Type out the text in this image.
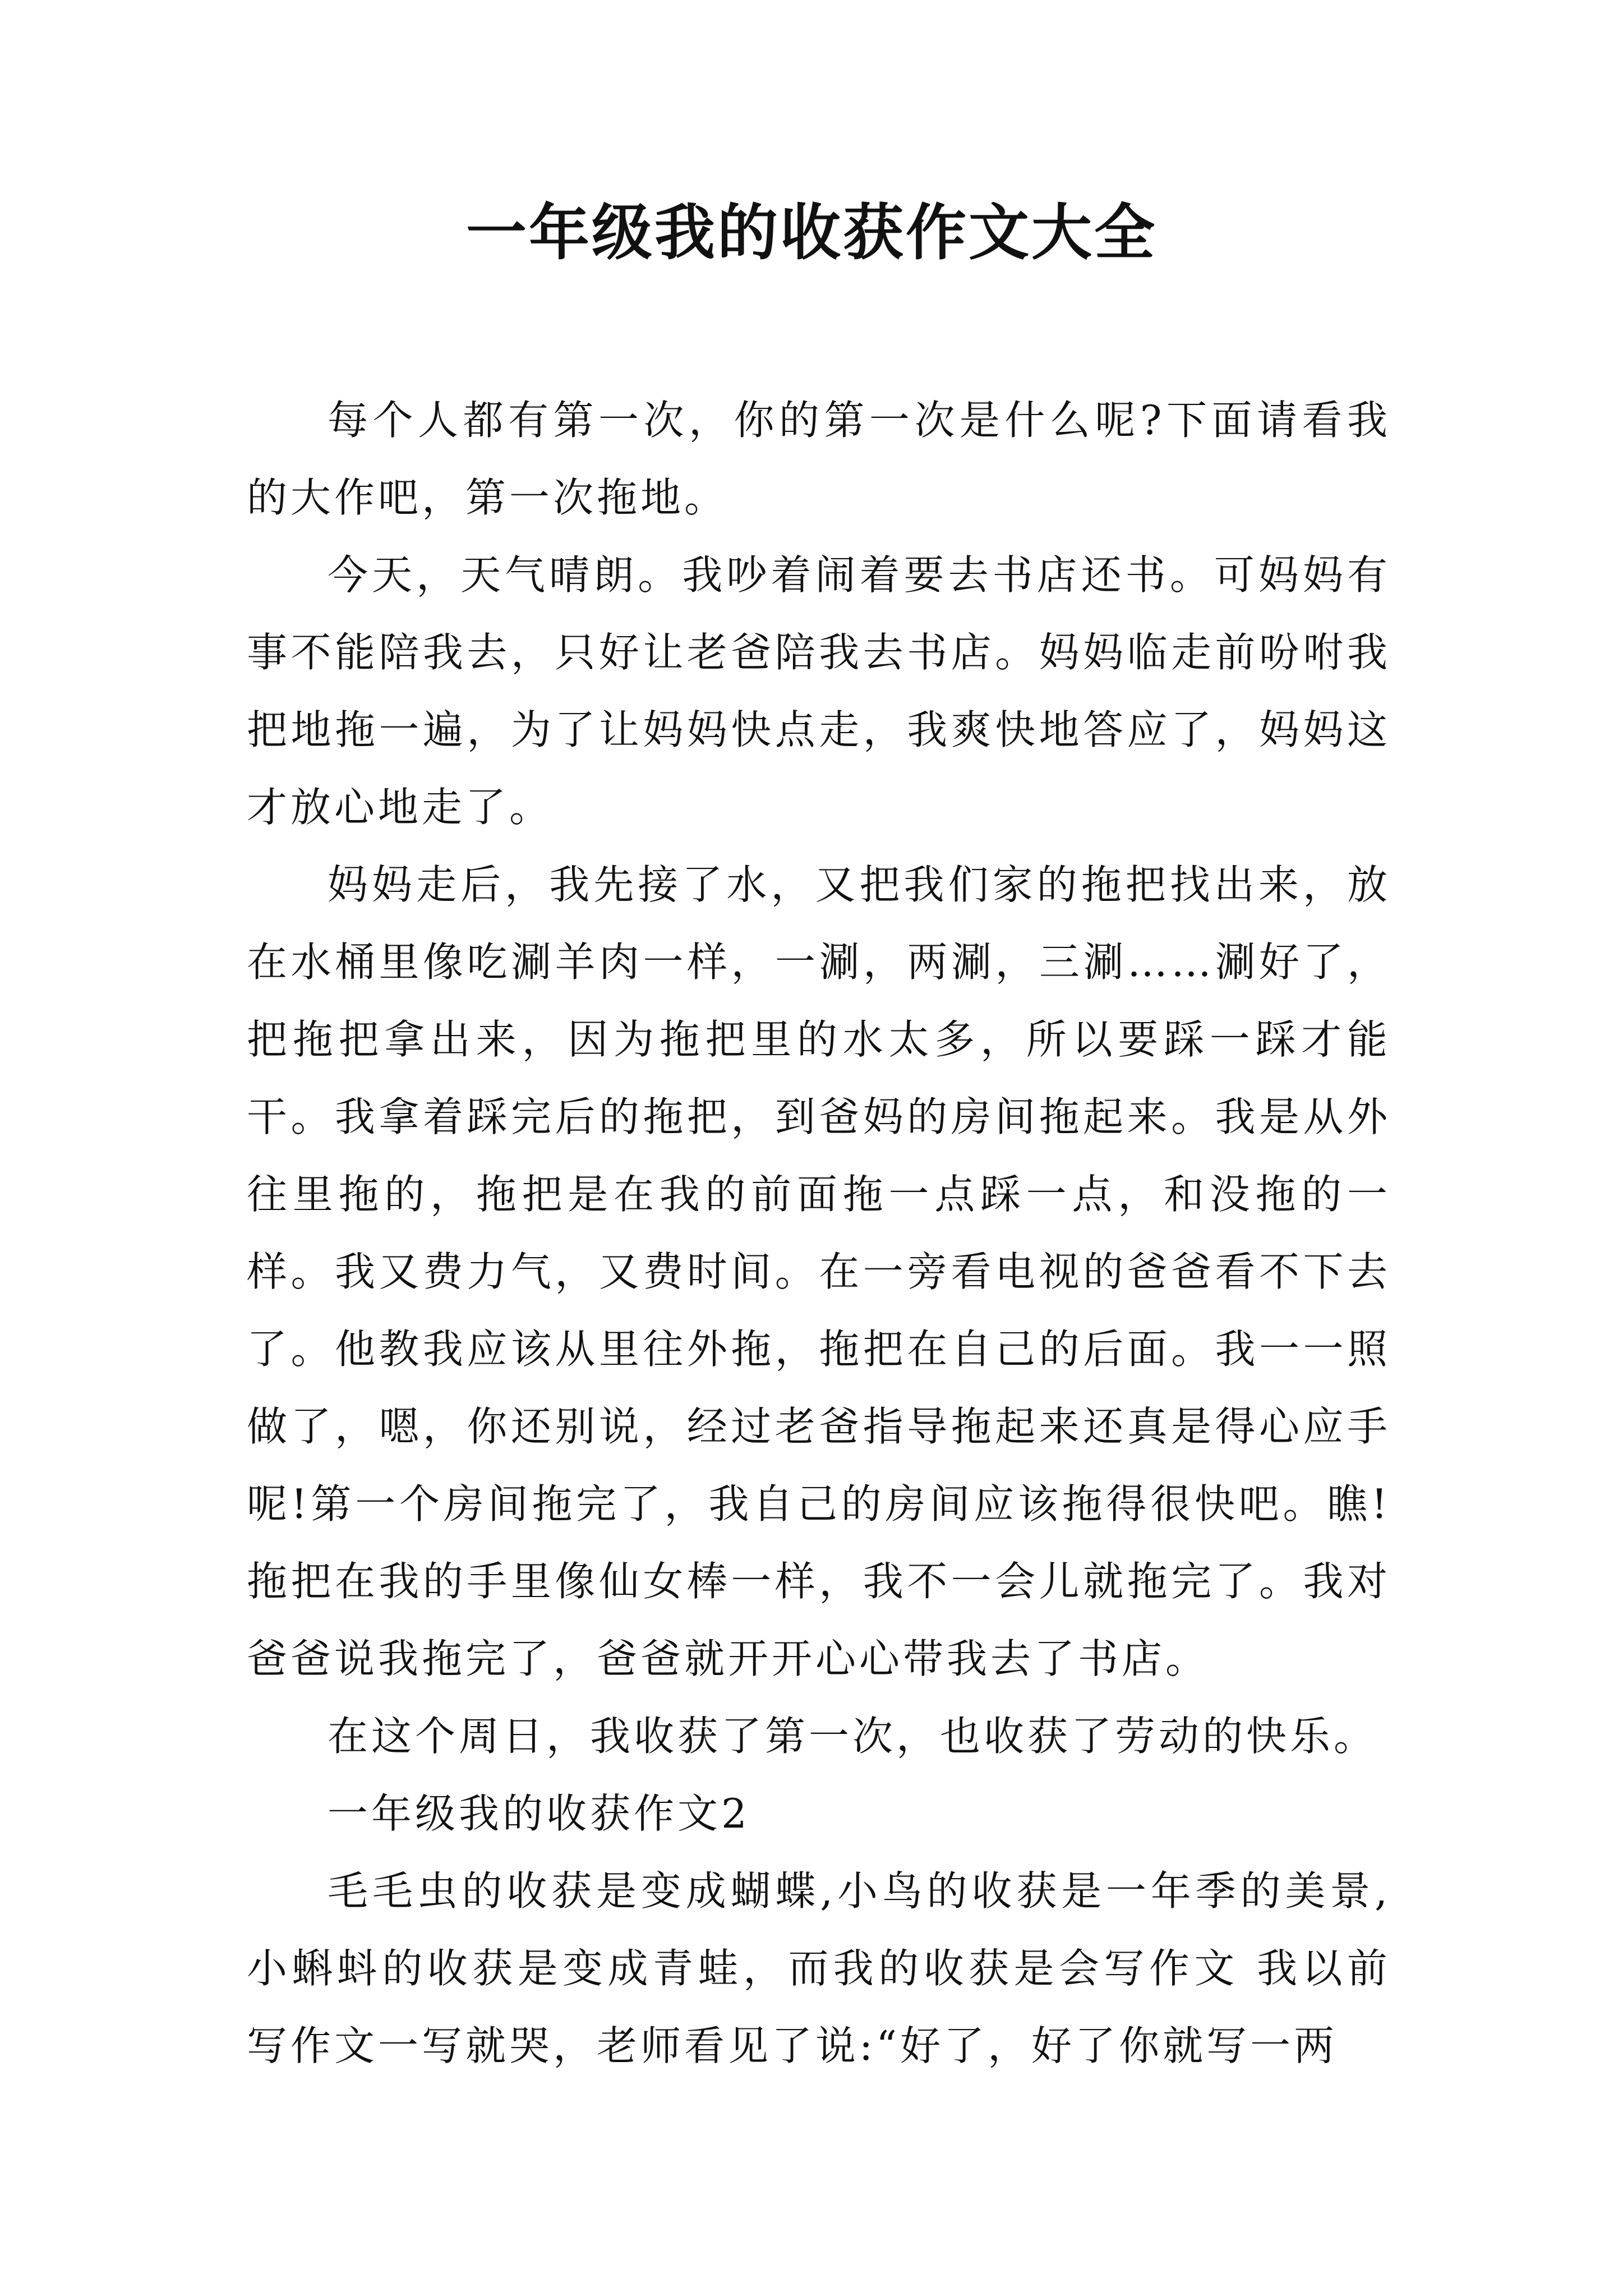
一年级我的收获作文大全

每个人都有第一次，你的第一次是什么呢?下面请看我的大作吧，第一次拖地。

今天，天气晴朗。我吵着闹着要去书店还书。可妈妈有事不能陪我去，只好让老爸陪我去书店。妈妈临走前吩咐我把地拖一遍，为了让妈妈快点走，我爽快地答应了，妈妈这才放心地走了。

妈妈走后，我先接了水，又把我们家的拖把找出来，放在水桶里像吃涮羊肉一样，一涮，两涮，三涮……涮好了，把拖把拿出来，因为拖把里的水太多，所以要踩一踩才能干。我拿着踩完后的拖把，到爸妈的房间拖起来。我是从外往里拖的，拖把是在我的前面拖一点踩一点，和没拖的一样。我又费力气，又费时间。在一旁看电视的爸爸看不下去了。他教我应该从里往外拖，拖把在自己的后面。我一一照做了，嗯，你还别说，经过老爸指导拖起来还真是得心应手呢!第一个房间拖完了，我自己的房间应该拖得很快吧。瞧!拖把在我的手里像仙女棒一样，我不一会儿就拖完了。我对爸爸说我拖完了，爸爸就开开心心带我去了书店。

在这个周日，我收获了第一次，也收获了劳动的快乐。

一年级我的收获作文2

毛毛虫的收获是变成蝴蝶,小鸟的收获是一年季的美景,小蝌蚪的收获是变成青蛙，而我的收获是会写作文 我以前写作文一写就哭，老师看见了说:“好了，好了你就写一两
